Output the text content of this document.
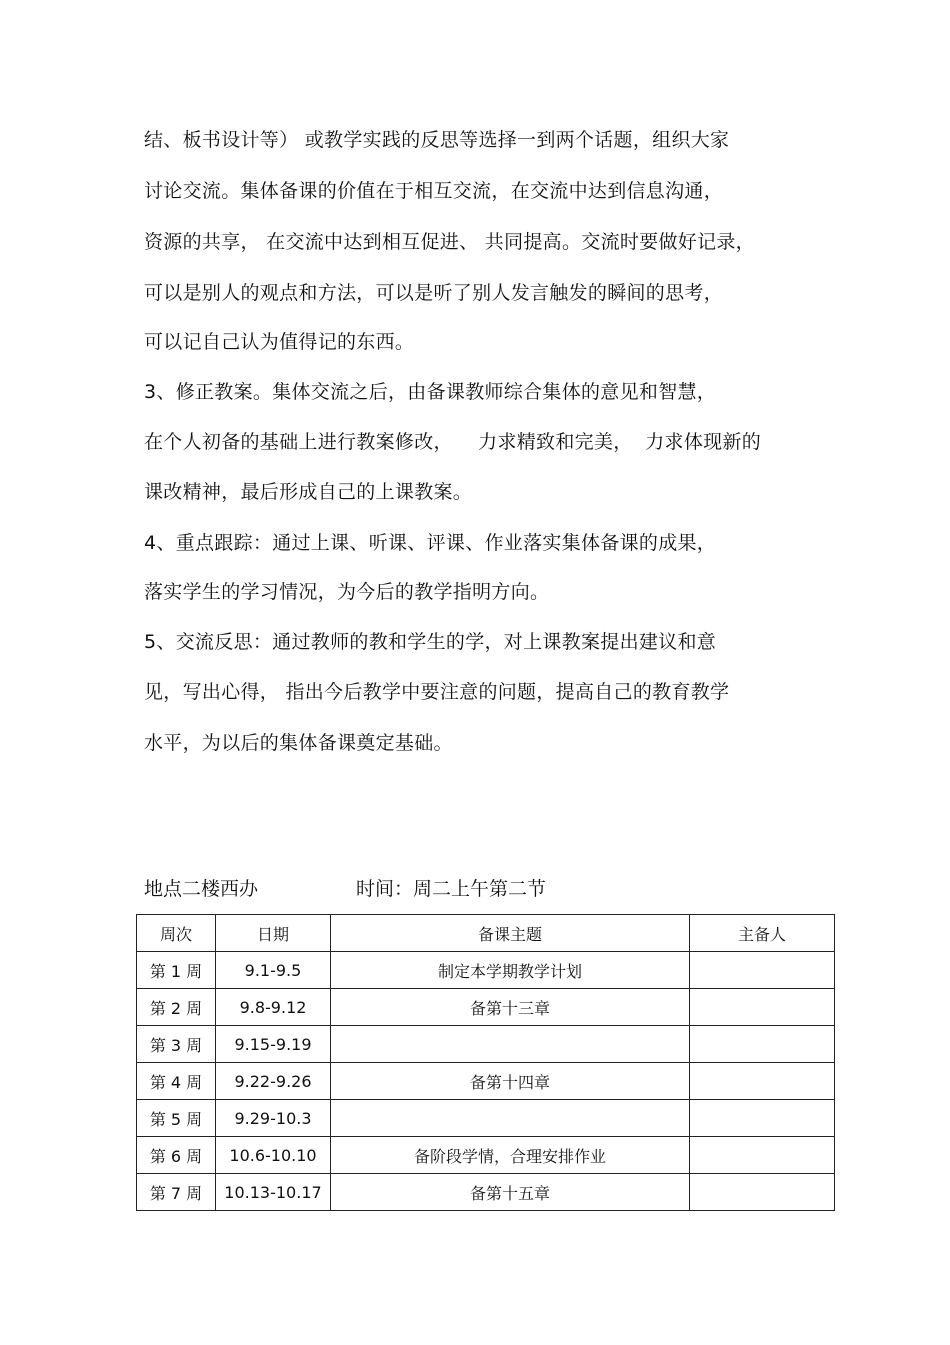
结、板书设计等） 或教学实践的反思等选择一到两个话题，组织大家
讨论交流。集体备课的价值在于相互交流，在交流中达到信息沟通，
资源的共享， 在交流中达到相互促进、 共同提高。交流时要做好记录，
可以是别人的观点和方法，可以是听了别人发言触发的瞬间的思考，
可以记自己认为值得记的东西。
3、修正教案。集体交流之后，由备课教师综合集体的意见和智慧，
在个人初备的基础上进行教案修改，    力求精致和完美，  力求体现新的
课改精神，最后形成自己的上课教案。
4、重点跟踪：通过上课、听课、评课、作业落实集体备课的成果，
落实学生的学习情况，为今后的教学指明方向。
5、交流反思：通过教师的教和学生的学，对上课教案提出建议和意
见，写出心得， 指出今后教学中要注意的问题，提高自己的教育教学
水平，为以后的集体备课奠定基础。
地点二楼西办	时间：周二上午第二节
周次	日期	备课主题	主备人
第 1 周	9.1-9.5	制定本学期教学计划	
第 2 周	9.8-9.12	备第十三章	
第 3 周	9.15-9.19		
第 4 周	9.22-9.26	备第十四章	
第 5 周	9.29-10.3		
第 6 周	10.6-10.10	备阶段学情，合理安排作业	
第 7 周	10.13-10.17	备第十五章	
